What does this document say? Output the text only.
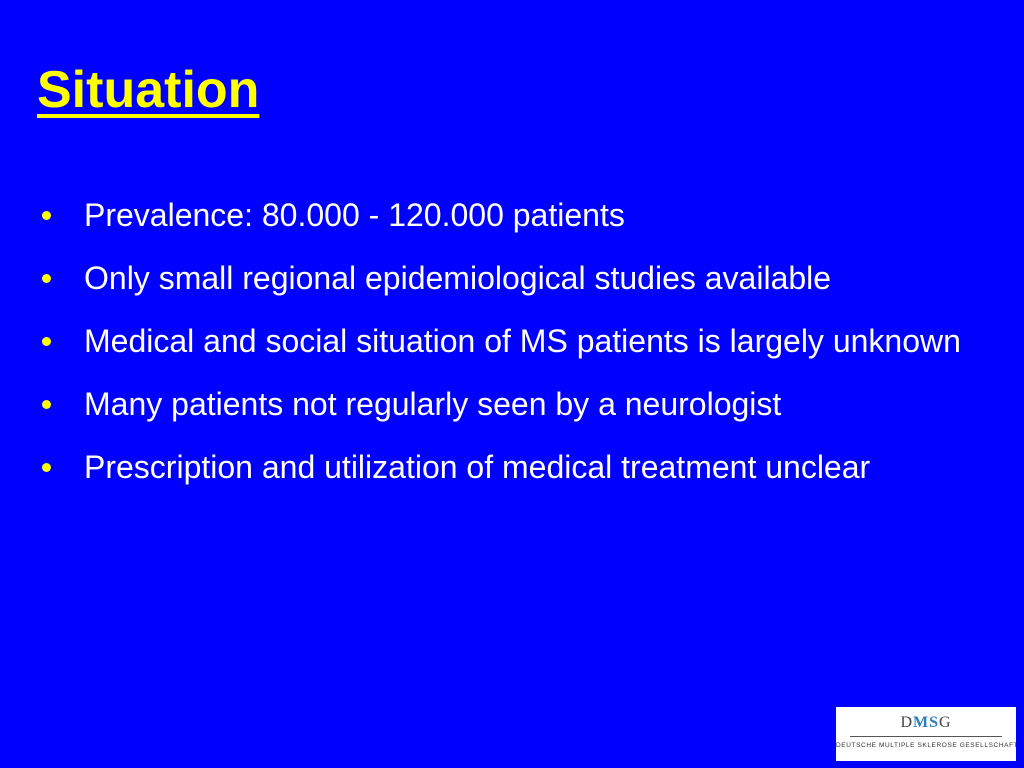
Situation
Prevalence: 80.000 - 120.000 patients
Only small regional epidemiological studies available
Medical and social situation of MS patients is largely unknown
Many patients not regularly seen by a neurologist
Prescription and utilization of medical treatment unclear
DMSG
DEUTSCHE MULTIPLE SKLEROSE GESELLSCHAFT
